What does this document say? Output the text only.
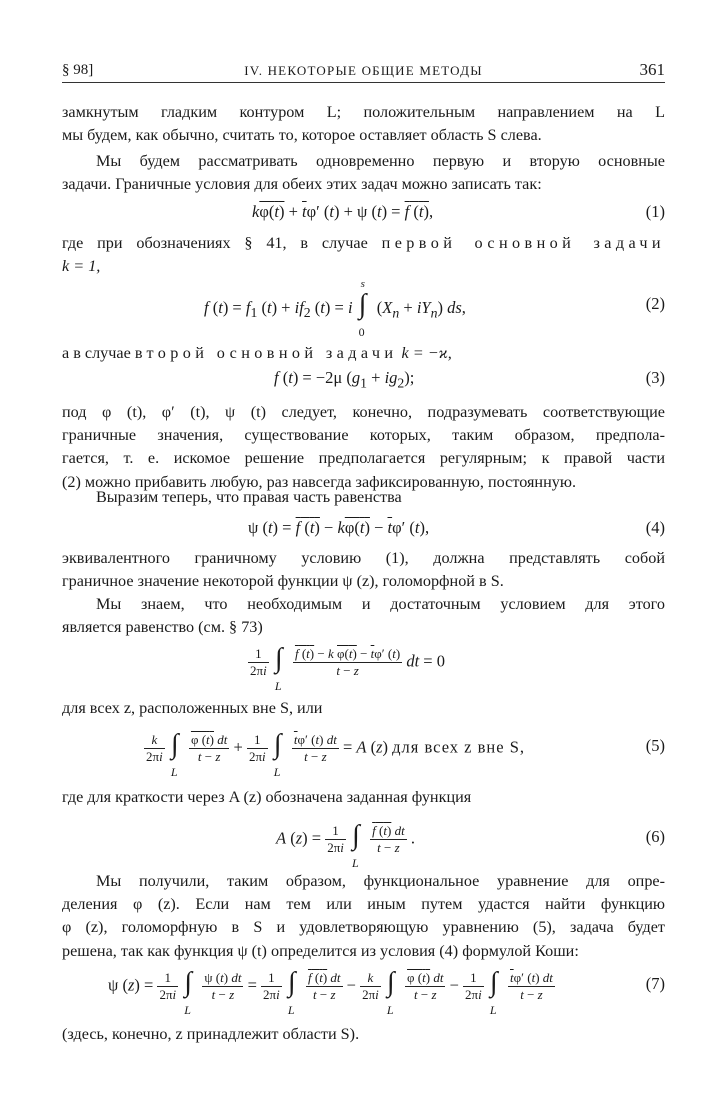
§ 98]	IV. НЕКОТОРЫЕ ОБЩИЕ МЕТОДЫ	361
замкнутым гладким контуром L; положительным направлением на L
мы будем, как обычно, считать то, которое оставляет область S слева.
Мы будем рассматривать одновременно первую и вторую основные
задачи. Граничные условия для обеих этих задач можно записать так:
$k\varphi(t) + \overline{t}\varphi'$ (t) + ψ (t) = f (t),	(1)
где при обозначениях § 41, в случае первой основной задачи
k = 1,
f $(t) = f_1$ $(t) + if_2$ (t) = i
s
∫
0
$(X_n + iY_n)$ ds,	(2)
а в случае второй основной задачи k = −ϰ,
f (t) = −2μ $(g_1 + ig_2)$;	(3)
под φ (t), φ′ (t), ψ (t) следует, конечно, подразумевать соответствующие
граничные значения, существование которых, таким образом, предпола-
гается, т. е. искомое решение предполагается регулярным; к правой части
(2) можно прибавить любую, раз навсегда зафиксированную, постоянную.
Выразим теперь, что правая часть равенства
ψ (t) = f $(t) - k\varphi(t) - \overline{t}\varphi'$ (t),	(4)
эквивалентного граничному условию (1), должна представлять собой
граничное значение некоторой функции ψ (z), голоморфной в S.
Мы знаем, что необходимым и достаточным условием для этого
является равенство (см. § 73)
$\frac{1}{2\pi i}$
∫
L

$\frac{f (t) - k \varphi(t) - \overline{t}\varphi' (t)}{t - z}$ dt = 0
для всех z, расположенных вне S, или
$\frac{k}{2\pi i}$
∫
L

$\frac{\varphi (t) dt}{t - z} + \frac{1}{2\pi i}$
∫
L

$\frac{\overline{t}\varphi' (t) dt}{t - z} = A$ (z) для всех z вне S,	(5)
где для краткости через A (z) обозначена заданная функция
A $(z) = \frac{1}{2\pi i}$
∫
L

$\frac{f (t) dt}{t - z}$ .	(6)
Мы получили, таким образом, функциональное уравнение для опре-
деления φ (z). Если нам тем или иным путем удастся найти функцию
φ (z), голоморфную в S и удовлетворяющую уравнению (5), задача будет
решена, так как функция ψ (t) определится из условия (4) формулой Коши:
ψ $(z) = \frac{1}{2\pi i}$
∫
L

$\frac{\psi (t) dt}{t - z} = \frac{1}{2\pi i}$
∫
L

$\frac{f (t) dt}{t - z} - \frac{k}{2\pi i}$
∫
L

$\frac{\varphi (t) dt}{t - z} - \frac{1}{2\pi i}$
∫
L

$\frac{\overline{t}\varphi' (t) dt}{t - z}$	(7)
(здесь, конечно, z принадлежит области S).
